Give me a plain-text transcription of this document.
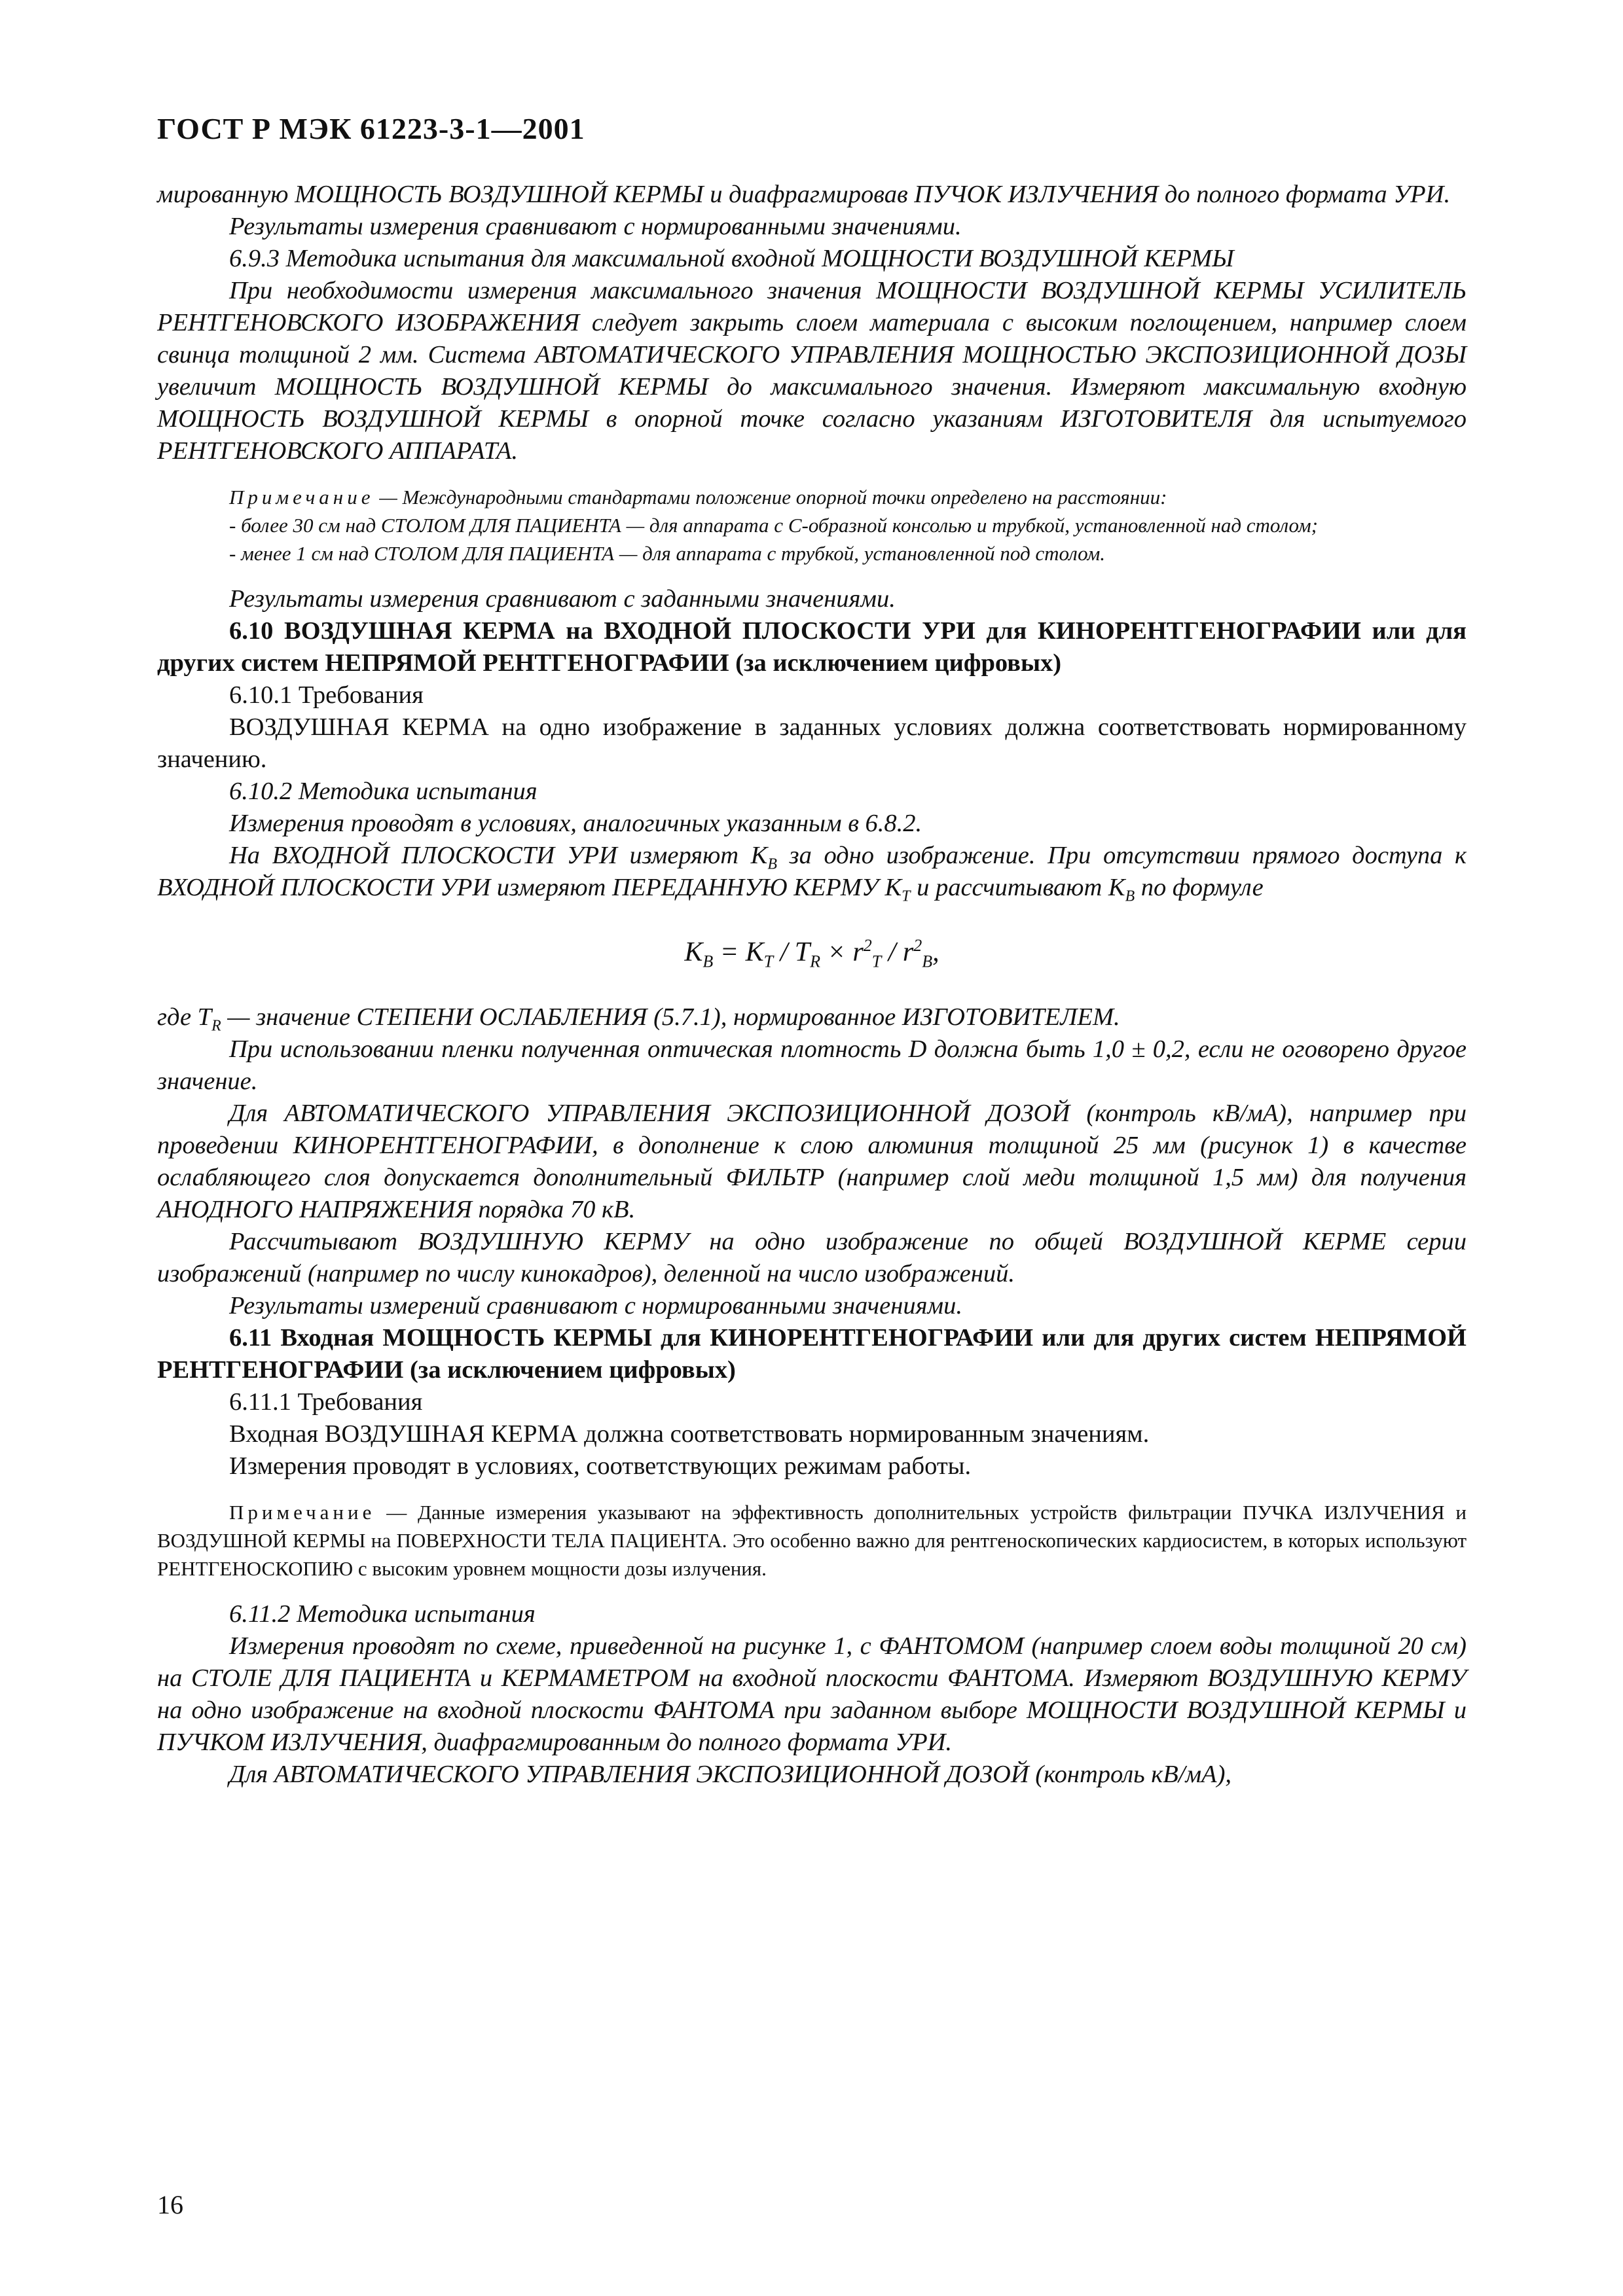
ГОСТ Р МЭК 61223-3-1—2001

мированную МОЩНОСТЬ ВОЗДУШНОЙ КЕРМЫ и диафрагмировав ПУЧОК ИЗЛУЧЕНИЯ до полного формата УРИ.

Результаты измерения сравнивают с нормированными значениями.

6.9.3 Методика испытания для максимальной входной МОЩНОСТИ ВОЗДУШНОЙ КЕРМЫ

При необходимости измерения максимального значения МОЩНОСТИ ВОЗДУШНОЙ КЕРМЫ УСИЛИТЕЛЬ РЕНТГЕНОВСКОГО ИЗОБРАЖЕНИЯ следует закрыть слоем материала с высоким поглощением, например слоем свинца толщиной 2 мм. Система АВТОМАТИЧЕСКОГО УПРАВЛЕНИЯ МОЩНОСТЬЮ ЭКСПОЗИЦИОННОЙ ДОЗЫ увеличит МОЩНОСТЬ ВОЗДУШНОЙ КЕРМЫ до максимального значения. Измеряют максимальную входную МОЩНОСТЬ ВОЗДУШНОЙ КЕРМЫ в опорной точке согласно указаниям ИЗГОТОВИТЕЛЯ для испытуемого РЕНТГЕНОВСКОГО АППАРАТА.

Примечание — Международными стандартами положение опорной точки определено на расстоянии:

- более 30 см над СТОЛОМ ДЛЯ ПАЦИЕНТА — для аппарата с С-образной консолью и трубкой, установленной над столом;

- менее 1 см над СТОЛОМ ДЛЯ ПАЦИЕНТА — для аппарата с трубкой, установленной под столом.

Результаты измерения сравнивают с заданными значениями.

6.10 ВОЗДУШНАЯ КЕРМА на ВХОДНОЙ ПЛОСКОСТИ УРИ для КИНОРЕНТГЕНОГРАФИИ или для других систем НЕПРЯМОЙ РЕНТГЕНОГРАФИИ (за исключением цифровых)

6.10.1 Требования

ВОЗДУШНАЯ КЕРМА на одно изображение в заданных условиях должна соответствовать нормированному значению.

6.10.2 Методика испытания

Измерения проводят в условиях, аналогичных указанным в 6.8.2.

На ВХОДНОЙ ПЛОСКОСТИ УРИ измеряют $K_B$ за одно изображение. При отсутствии прямого доступа к ВХОДНОЙ ПЛОСКОСТИ УРИ измеряют ПЕРЕДАННУЮ КЕРМУ $K_T$ и рассчитывают $K_B$ по формуле

$K_B = K_T / T_R \times r^2_T / r^2_B$,

где $T_R$ — значение СТЕПЕНИ ОСЛАБЛЕНИЯ (5.7.1), нормированное ИЗГОТОВИТЕЛЕМ.

При использовании пленки полученная оптическая плотность D должна быть 1,0 ± 0,2, если не оговорено другое значение.

Для АВТОМАТИЧЕСКОГО УПРАВЛЕНИЯ ЭКСПОЗИЦИОННОЙ ДОЗОЙ (контроль кВ/мА), например при проведении КИНОРЕНТГЕНОГРАФИИ, в дополнение к слою алюминия толщиной 25 мм (рисунок 1) в качестве ослабляющего слоя допускается дополнительный ФИЛЬТР (например слой меди толщиной 1,5 мм) для получения АНОДНОГО НАПРЯЖЕНИЯ порядка 70 кВ.

Рассчитывают ВОЗДУШНУЮ КЕРМУ на одно изображение по общей ВОЗДУШНОЙ КЕРМЕ серии изображений (например по числу кинокадров), деленной на число изображений.

Результаты измерений сравнивают с нормированными значениями.

6.11 Входная МОЩНОСТЬ КЕРМЫ для КИНОРЕНТГЕНОГРАФИИ или для других систем НЕПРЯМОЙ РЕНТГЕНОГРАФИИ (за исключением цифровых)

6.11.1 Требования

Входная ВОЗДУШНАЯ КЕРМА должна соответствовать нормированным значениям.

Измерения проводят в условиях, соответствующих режимам работы.

Примечание — Данные измерения указывают на эффективность дополнительных устройств фильтрации ПУЧКА ИЗЛУЧЕНИЯ и ВОЗДУШНОЙ КЕРМЫ на ПОВЕРХНОСТИ ТЕЛА ПАЦИЕНТА. Это особенно важно для рентгеноскопических кардиосистем, в которых используют РЕНТГЕНОСКОПИЮ с высоким уровнем мощности дозы излучения.

6.11.2 Методика испытания

Измерения проводят по схеме, приведенной на рисунке 1, с ФАНТОМОМ (например слоем воды толщиной 20 см) на СТОЛЕ ДЛЯ ПАЦИЕНТА и КЕРМАМЕТРОМ на входной плоскости ФАНТОМА. Измеряют ВОЗДУШНУЮ КЕРМУ на одно изображение на входной плоскости ФАНТОМА при заданном выборе МОЩНОСТИ ВОЗДУШНОЙ КЕРМЫ и ПУЧКОМ ИЗЛУЧЕНИЯ, диафрагмированным до полного формата УРИ.

Для АВТОМАТИЧЕСКОГО УПРАВЛЕНИЯ ЭКСПОЗИЦИОННОЙ ДОЗОЙ (контроль кВ/мА),

16
